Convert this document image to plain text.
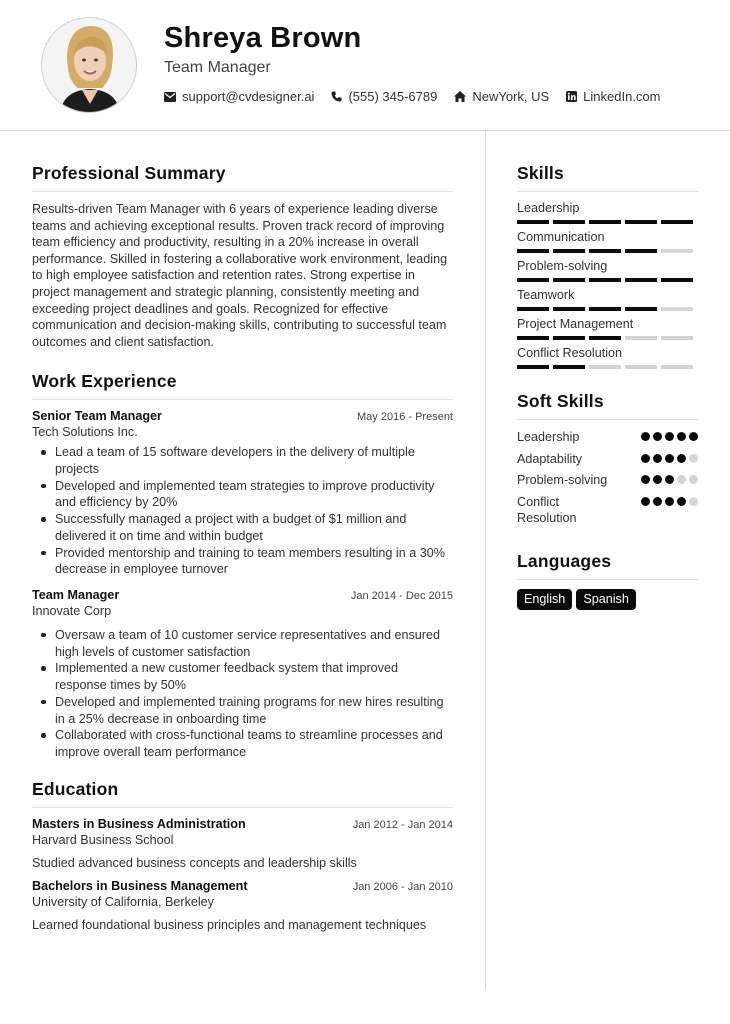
Shreya Brown
Team Manager
support@cvdesigner.ai	(555) 345-6789	NewYork, US	LinkedIn.com
Professional Summary
Results-driven Team Manager with 6 years of experience leading diverse teams and achieving exceptional results. Proven track record of improving team efficiency and productivity, resulting in a 20% increase in overall performance. Skilled in fostering a collaborative work environment, leading to high employee satisfaction and retention rates. Strong expertise in project management and strategic planning, consistently meeting and exceeding project deadlines and goals. Recognized for effective communication and decision-making skills, contributing to successful team outcomes and client satisfaction.
Work Experience
Senior Team Manager	May 2016 - Present
Tech Solutions Inc.
Lead a team of 15 software developers in the delivery of multiple projects
Developed and implemented team strategies to improve productivity and efficiency by 20%
Successfully managed a project with a budget of $1 million and delivered it on time and within budget
Provided mentorship and training to team members resulting in a 30% decrease in employee turnover
Team Manager	Jan 2014 - Dec 2015
Innovate Corp
Oversaw a team of 10 customer service representatives and ensured high levels of customer satisfaction
Implemented a new customer feedback system that improved response times by 50%
Developed and implemented training programs for new hires resulting in a 25% decrease in onboarding time
Collaborated with cross-functional teams to streamline processes and improve overall team performance
Education
Masters in Business Administration	Jan 2012 - Jan 2014
Harvard Business School
Studied advanced business concepts and leadership skills
Bachelors in Business Management	Jan 2006 - Jan 2010
University of California, Berkeley
Learned foundational business principles and management techniques
Skills
Leadership
Communication
Problem-solving
Teamwork
Project Management
Conflict Resolution
Soft Skills
Leadership
Adaptability
Problem-solving
Conflict Resolution
Languages
English	Spanish
